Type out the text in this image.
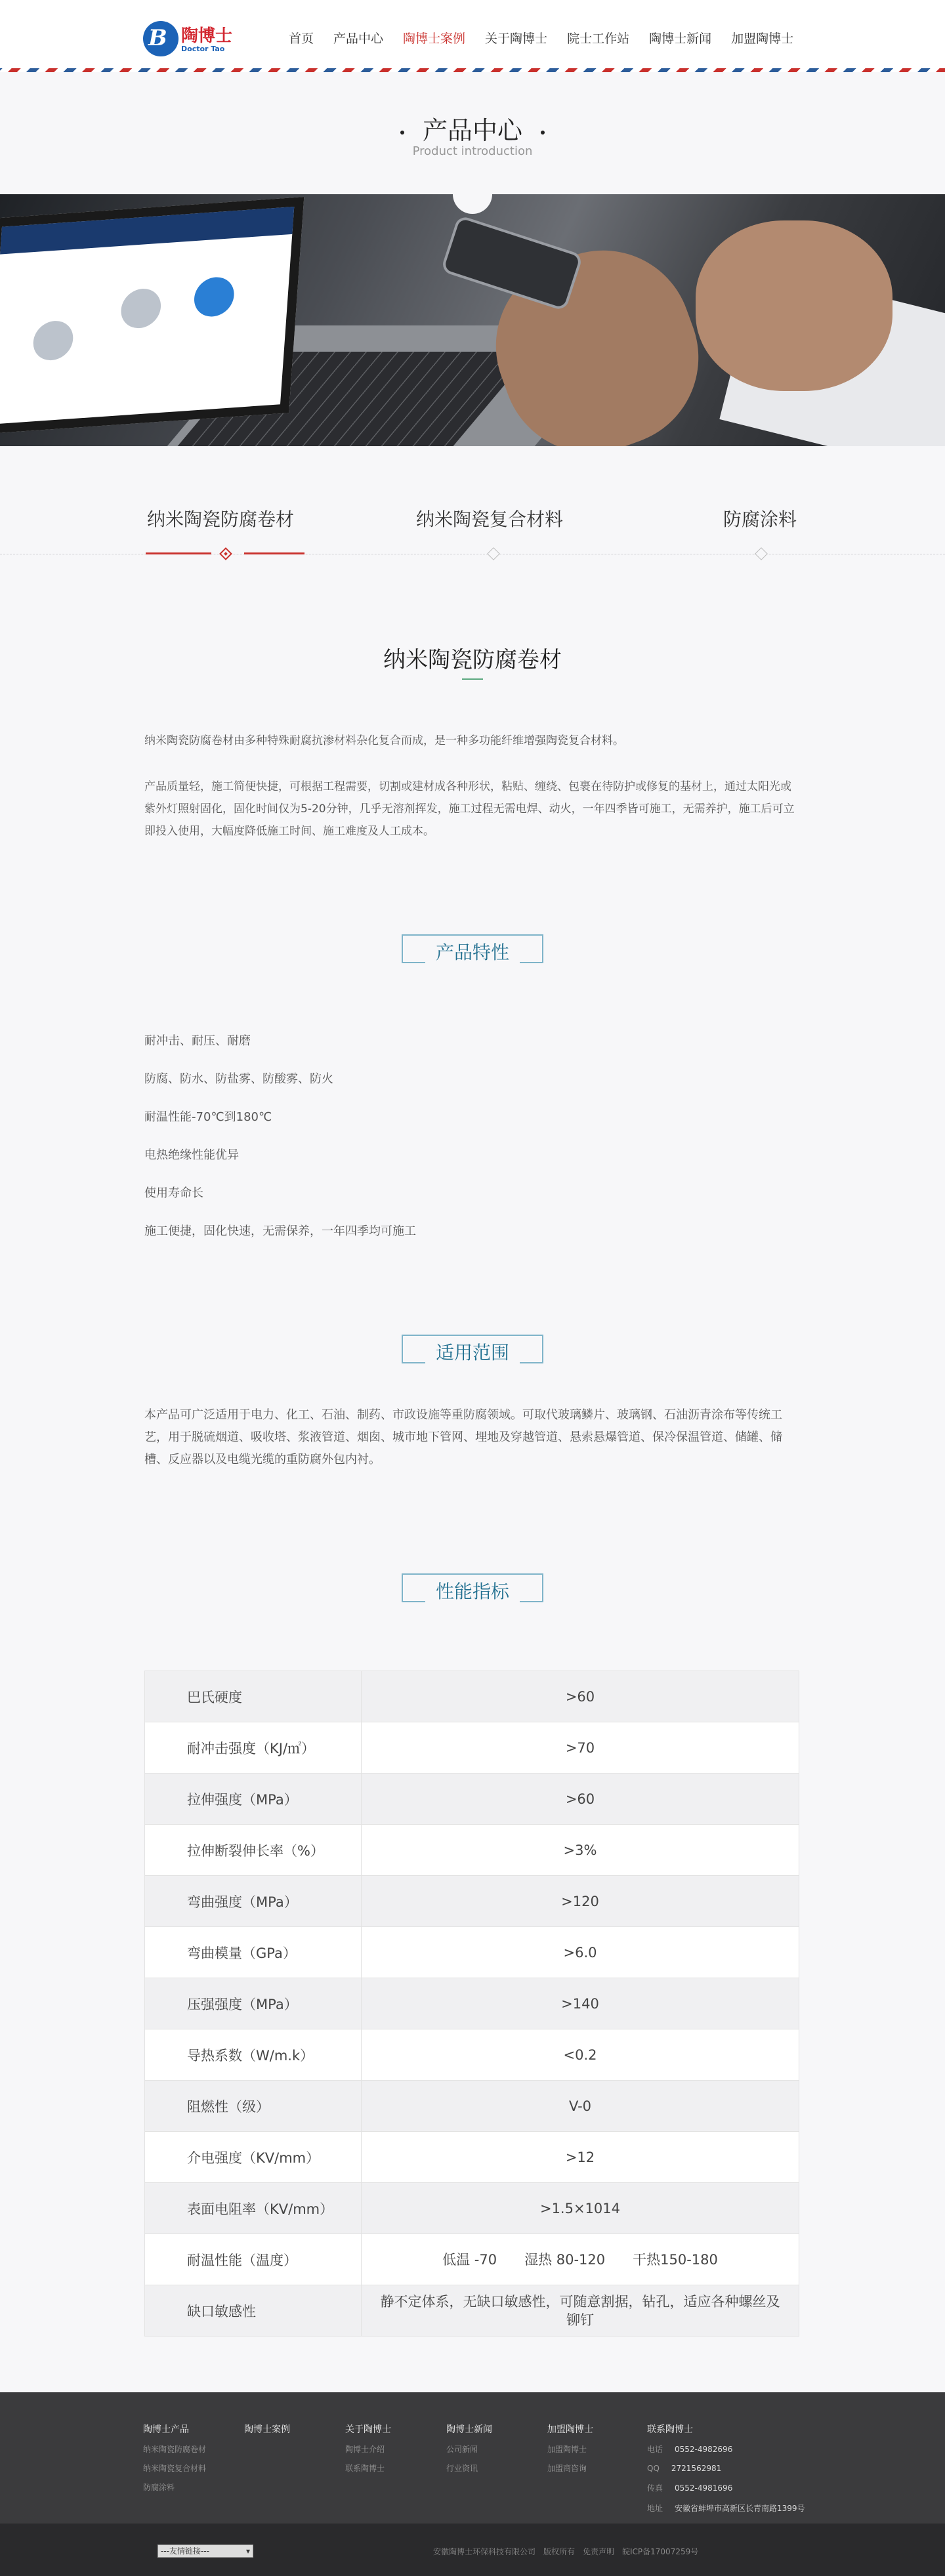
B 陶博士
Doctor Tao
首页 产品中心 陶博士案例 关于陶博士 院士工作站 陶博士新闻 加盟陶博士
产品中心
Product introduction
纳米陶瓷防腐卷材	纳米陶瓷复合材料	防腐涂料
纳米陶瓷防腐卷材
纳米陶瓷防腐卷材由多种特殊耐腐抗渗材料杂化复合而成，是一种多功能纤维增强陶瓷复合材料。
产品质量轻，施工简便快捷，可根据工程需要，切割或建材成各种形状，粘贴、缠绕、包裹在待防护或修复的基材上，通过太阳光或紫外灯照射固化，固化时间仅为5-20分钟，几乎无溶剂挥发，施工过程无需电焊、动火，一年四季皆可施工，无需养护，施工后可立即投入使用，大幅度降低施工时间、施工难度及人工成本。
产品特性
耐冲击、耐压、耐磨
防腐、防水、防盐雾、防酸雾、防火
耐温性能-70℃到180℃
电热绝缘性能优异
使用寿命长
施工便捷，固化快速，无需保养，一年四季均可施工
适用范围
本产品可广泛适用于电力、化工、石油、制药、市政设施等重防腐领域。可取代玻璃鳞片、玻璃钢、石油沥青涂布等传统工艺，用于脱硫烟道、吸收塔、浆液管道、烟囱、城市地下管网、埋地及穿越管道、悬索悬爆管道、保冷保温管道、储罐、储槽、反应器以及电缆光缆的重防腐外包内衬。
性能指标
巴氏硬度	>60
耐冲击强度（KJ/㎡）	>70
拉伸强度（MPa）	>60
拉伸断裂伸长率（%）	>3%
弯曲强度（MPa）	>120
弯曲模量（GPa）	>6.0
压强强度（MPa）	>140
导热系数（W/m.k）	<0.2
阻燃性（级）	V-0
介电强度（KV/mm）	>12
表面电阻率（KV/mm）	>1.5×1014
耐温性能（温度）	低温 -70　　湿热 80-120　　干热150-180
缺口敏感性	静不定体系，无缺口敏感性，可随意割据，钻孔，适应各种螺丝及铆钉
陶博士产品
纳米陶瓷防腐卷材
纳米陶瓷复合材料
防腐涂料
陶博士案例	关于陶博士
陶博士介绍
联系陶博士
陶博士新闻
公司新闻
行业资讯
加盟陶博士
加盟陶博士
加盟商咨询
联系陶博士
电话 0552-4982696
QQ 2721562981
传真 0552-4981696
地址 安徽省蚌埠市高新区长青南路1399号
---友情链接--- ▾	安徽陶博士环保科技有限公司　版权所有　免责声明　皖ICP备17007259号
